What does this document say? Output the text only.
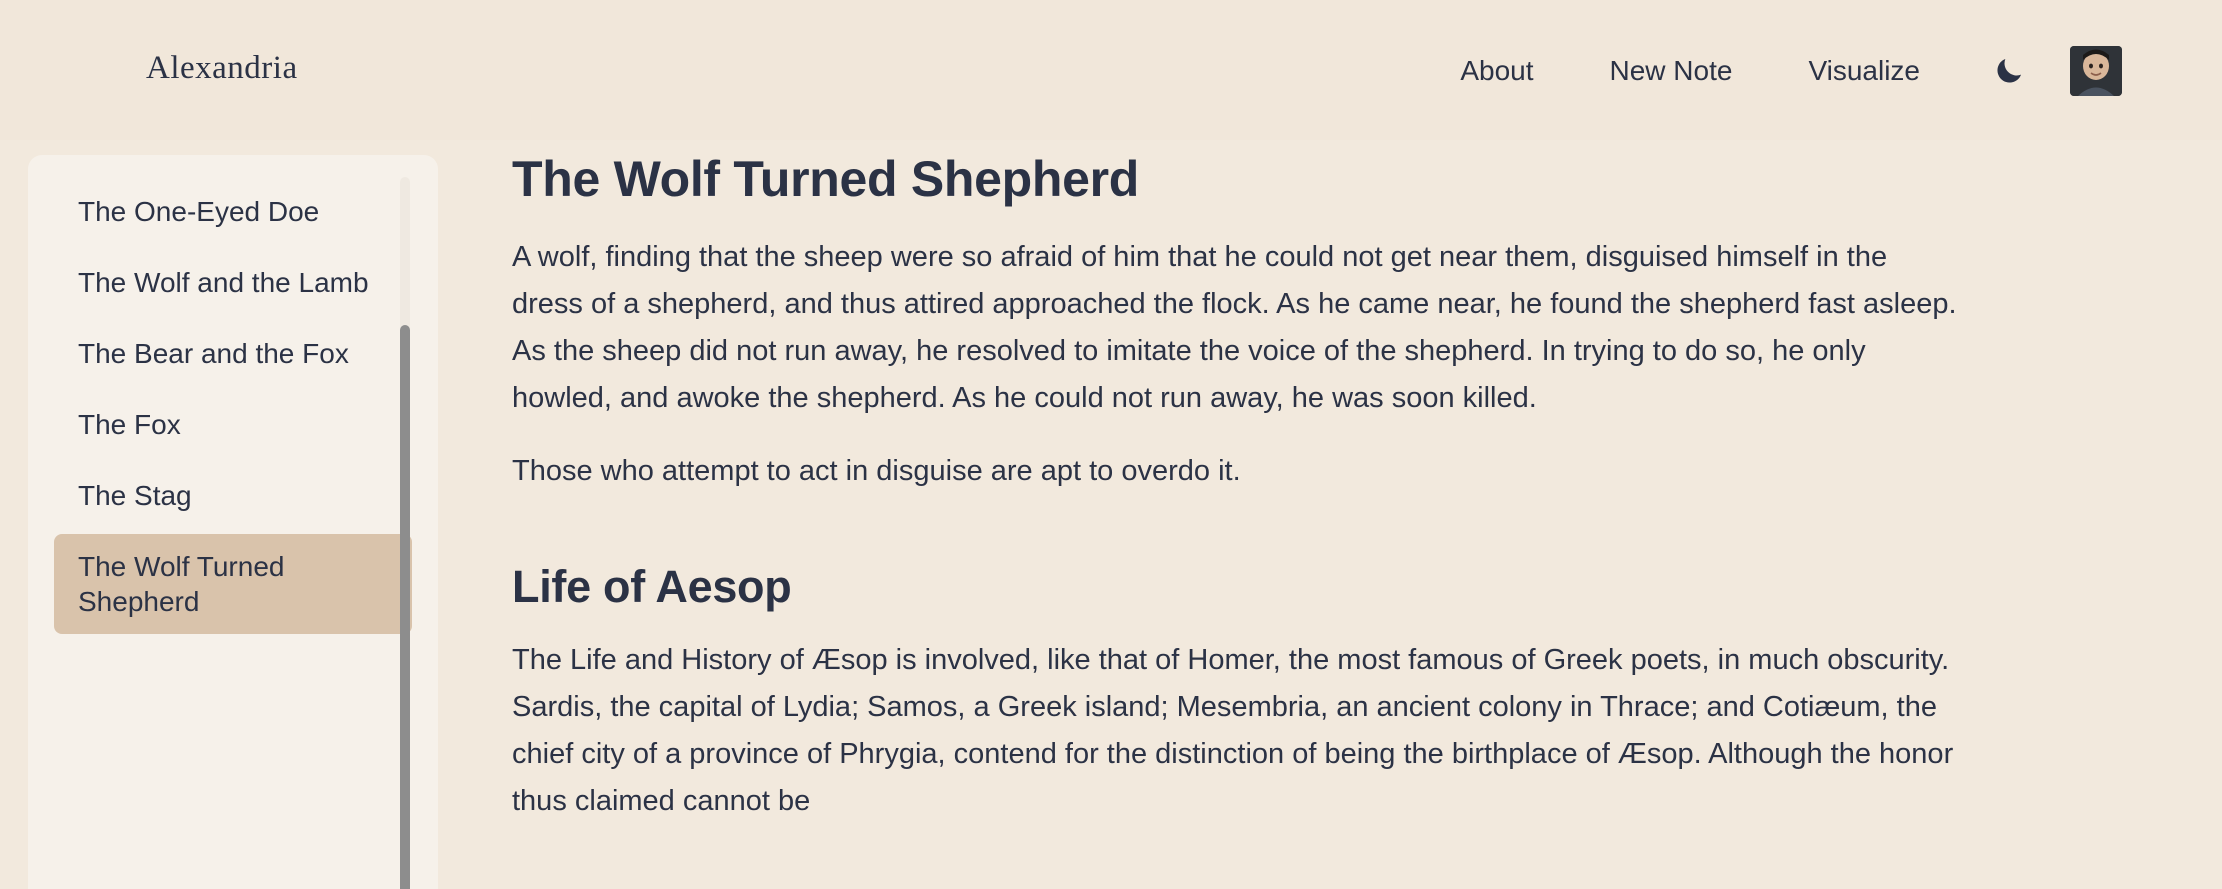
Alexandria	About	New Note	Visualize
The One-Eyed Doe
The Wolf and the Lamb
The Bear and the Fox
The Fox
The Stag
The Wolf Turned Shepherd
The Wolf Turned Shepherd

A wolf, finding that the sheep were so afraid of him that he could not get near them, disguised himself in the dress of a shepherd, and thus attired approached the flock. As he came near, he found the shepherd fast asleep. As the sheep did not run away, he resolved to imitate the voice of the shepherd. In trying to do so, he only howled, and awoke the shepherd. As he could not run away, he was soon killed.

Those who attempt to act in disguise are apt to overdo it.

Life of Aesop

The Life and History of Æsop is involved, like that of Homer, the most famous of Greek poets, in much obscurity. Sardis, the capital of Lydia; Samos, a Greek island; Mesembria, an ancient colony in Thrace; and Cotiæum, the chief city of a province of Phrygia, contend for the distinction of being the birthplace of Æsop. Although the honor thus claimed cannot be
